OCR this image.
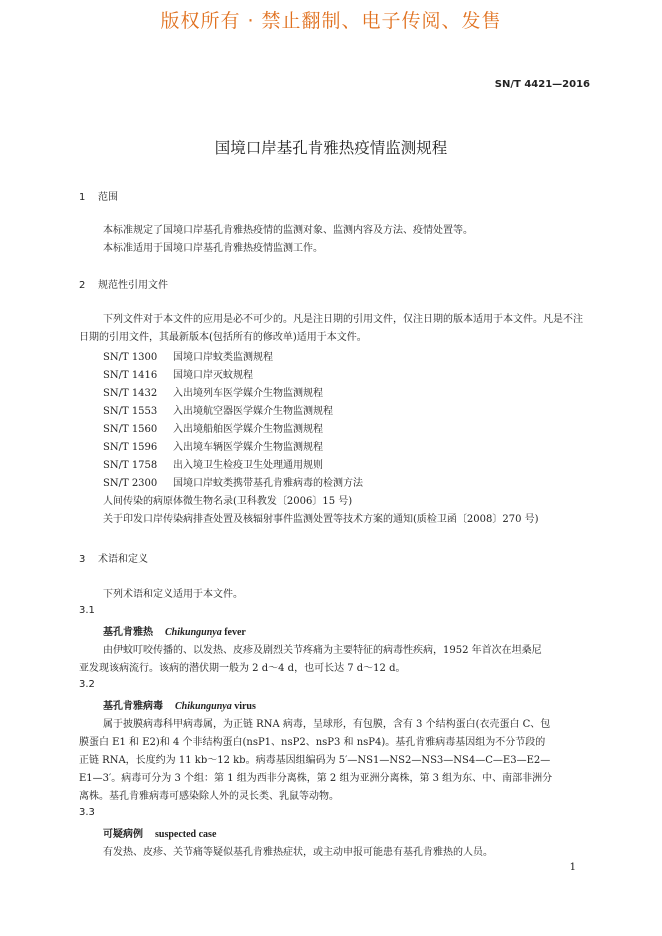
版权所有 · 禁止翻制、电子传阅、发售
SN/T 4421—2016
国境口岸基孔肯雅热疫情监测规程
1 范围
本标准规定了国境口岸基孔肯雅热疫情的监测对象、监测内容及方法、疫情处置等。
本标准适用于国境口岸基孔肯雅热疫情监测工作。
2 规范性引用文件
下列文件对于本文件的应用是必不可少的。凡是注日期的引用文件，仅注日期的版本适用于本文件。凡是不注日期的引用文件，其最新版本(包括所有的修改单)适用于本文件。
SN/T 1300 国境口岸蚊类监测规程
SN/T 1416 国境口岸灭蚊规程
SN/T 1432 入出境列车医学媒介生物监测规程
SN/T 1553 入出境航空器医学媒介生物监测规程
SN/T 1560 入出境船舶医学媒介生物监测规程
SN/T 1596 入出境车辆医学媒介生物监测规程
SN/T 1758 出入境卫生检疫卫生处理通用规则
SN/T 2300 国境口岸蚊类携带基孔肯雅病毒的检测方法
人间传染的病原体微生物名录(卫科教发〔2006〕15 号)
关于印发口岸传染病排查处置及核辐射事件监测处置等技术方案的通知(质检卫函〔2008〕270 号)
3 术语和定义
下列术语和定义适用于本文件。
3.1
基孔肯雅热 Chikungunya fever
由伊蚊叮咬传播的、以发热、皮疹及剧烈关节疼痛为主要特征的病毒性疾病，1952 年首次在坦桑尼
亚发现该病流行。该病的潜伏期一般为 2 d～4 d，也可长达 7 d～12 d。
3.2
基孔肯雅病毒 Chikungunya virus
属于披膜病毒科甲病毒属，为正链 RNA 病毒，呈球形，有包膜，含有 3 个结构蛋白(衣壳蛋白 C、包
膜蛋白 E1 和 E2)和 4 个非结构蛋白(nsP1、nsP2、nsP3 和 nsP4)。基孔肯雅病毒基因组为不分节段的
正链 RNA，长度约为 11 kb～12 kb。病毒基因组编码为 5′—NS1—NS2—NS3—NS4—C—E3—E2—
E1—3′。病毒可分为 3 个组：第 1 组为西非分离株，第 2 组为亚洲分离株，第 3 组为东、中、南部非洲分
离株。基孔肯雅病毒可感染除人外的灵长类、乳鼠等动物。
3.3
可疑病例 suspected case
有发热、皮疹、关节痛等疑似基孔肯雅热症状，或主动申报可能患有基孔肯雅热的人员。
1
